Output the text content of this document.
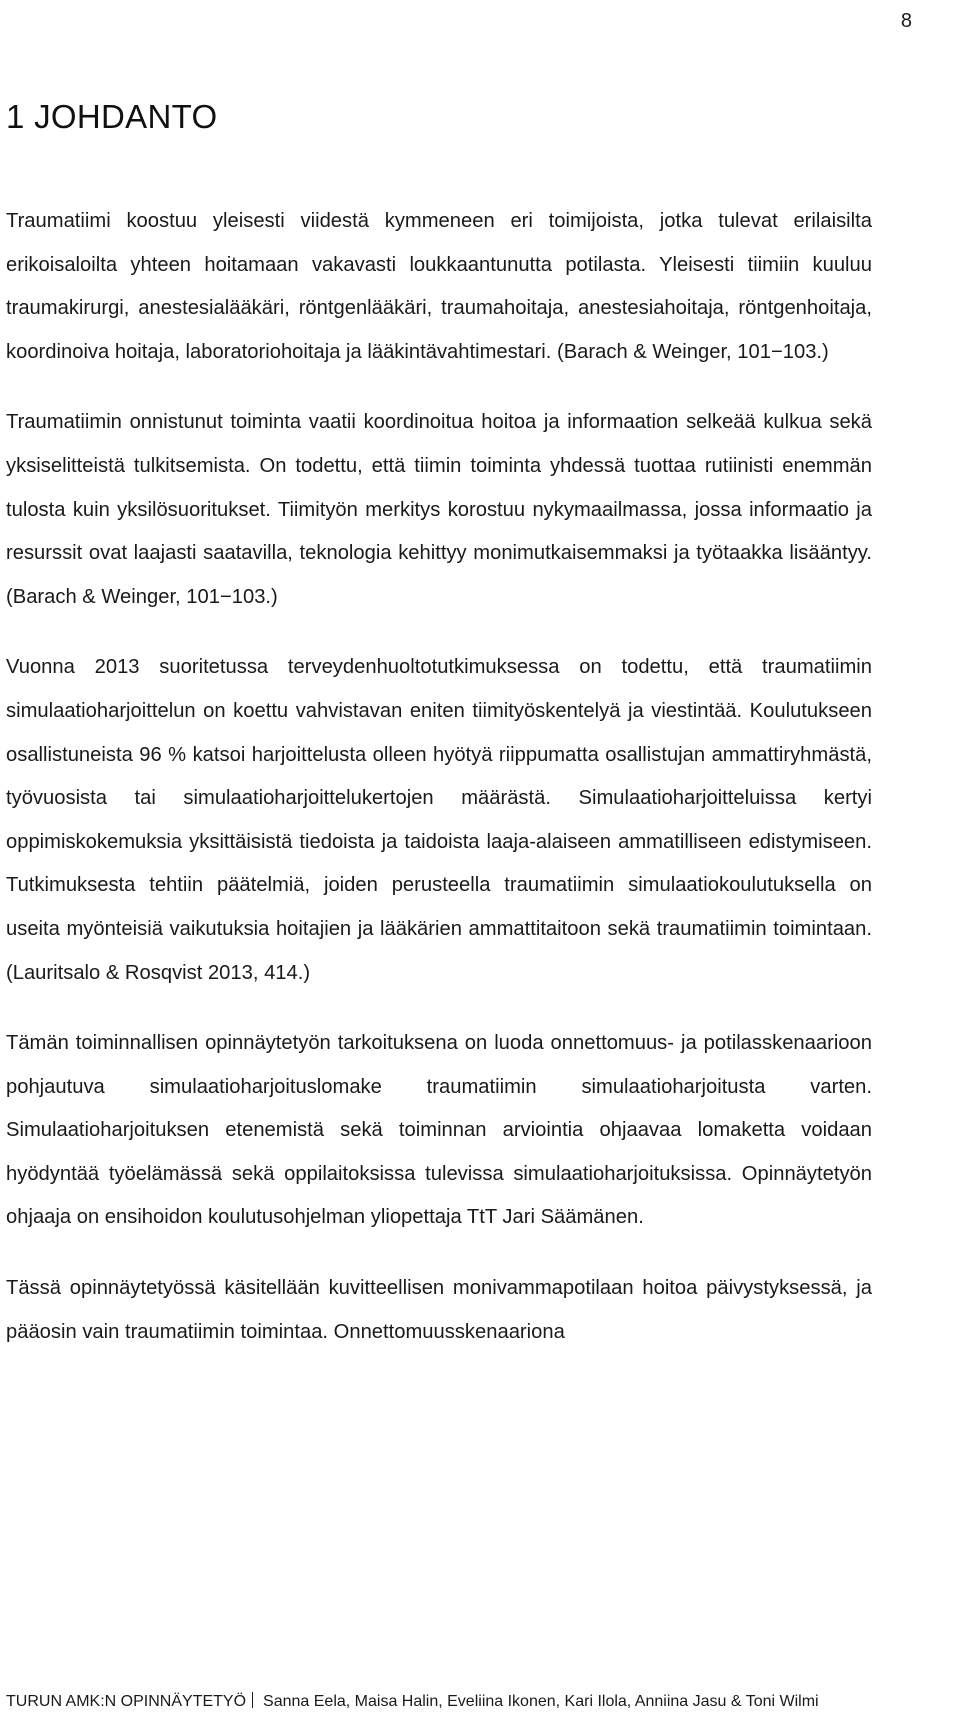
8
1 JOHDANTO

Traumatiimi koostuu yleisesti viidestä kymmeneen eri toimijoista, jotka tulevat erilaisilta erikoisaloilta yhteen hoitamaan vakavasti loukkaantunutta potilasta. Yleisesti tiimiin kuuluu traumakirurgi, anestesialääkäri, röntgenlääkäri, traumahoitaja, anestesiahoitaja, röntgenhoitaja, koordinoiva hoitaja, laboratoriohoitaja ja lääkintävahtimestari. (Barach & Weinger, 101−103.)

Traumatiimin onnistunut toiminta vaatii koordinoitua hoitoa ja informaation selkeää kulkua sekä yksiselitteistä tulkitsemista. On todettu, että tiimin toiminta yhdessä tuottaa rutiinisti enemmän tulosta kuin yksilösuoritukset. Tiimityön merkitys korostuu nykymaailmassa, jossa informaatio ja resurssit ovat laajasti saatavilla, teknologia kehittyy monimutkaisemmaksi ja työtaakka lisääntyy. (Barach & Weinger, 101−103.)

Vuonna 2013 suoritetussa terveydenhuoltotutkimuksessa on todettu, että traumatiimin simulaatioharjoittelun on koettu vahvistavan eniten tiimityöskentelyä ja viestintää. Koulutukseen osallistuneista 96 % katsoi harjoittelusta olleen hyötyä riippumatta osallistujan ammattiryhmästä, työvuosista tai simulaatioharjoittelukertojen määrästä. Simulaatioharjoitteluissa kertyi oppimiskokemuksia yksittäisistä tiedoista ja taidoista laaja-alaiseen ammatilliseen edistymiseen. Tutkimuksesta tehtiin päätelmiä, joiden perusteella traumatiimin simulaatiokoulutuksella on useita myönteisiä vaikutuksia hoitajien ja lääkärien ammattitaitoon sekä traumatiimin toimintaan. (Lauritsalo & Rosqvist 2013, 414.)

Tämän toiminnallisen opinnäytetyön tarkoituksena on luoda onnettomuus- ja potilasskenaarioon pohjautuva simulaatioharjoituslomake traumatiimin simulaatioharjoitusta varten. Simulaatioharjoituksen etenemistä sekä toiminnan arviointia ohjaavaa lomaketta voidaan hyödyntää työelämässä sekä oppilaitoksissa tulevissa simulaatioharjoituksissa. Opinnäytetyön ohjaaja on ensihoidon koulutusohjelman yliopettaja TtT Jari Säämänen.

Tässä opinnäytetyössä käsitellään kuvitteellisen monivammapotilaan hoitoa päivystyksessä, ja pääosin vain traumatiimin toimintaa. Onnettomuusskenaariona

TURUN AMK:N OPINNÄYTETYÖ Sanna Eela, Maisa Halin, Eveliina Ikonen, Kari Ilola, Anniina Jasu & Toni Wilmi
